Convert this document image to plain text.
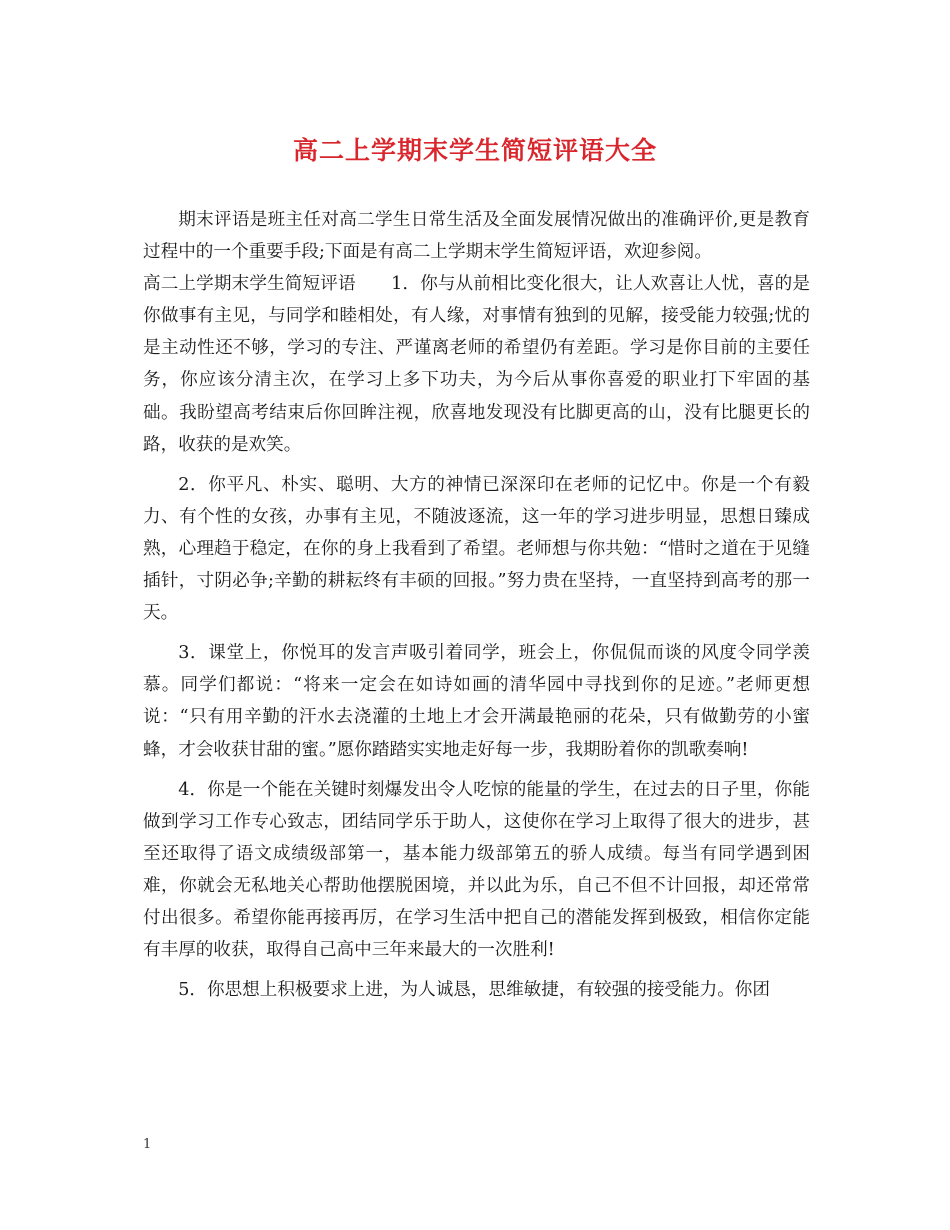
高二上学期末学生简短评语大全

期末评语是班主任对高二学生日常生活及全面发展情况做出的准确评价,更是教育过程中的一个重要手段;下面是有高二上学期末学生简短评语，欢迎参阅。

高二上学期末学生简短评语　　1．你与从前相比变化很大，让人欢喜让人忧，喜的是你做事有主见，与同学和睦相处，有人缘，对事情有独到的见解，接受能力较强;忧的是主动性还不够，学习的专注、严谨离老师的希望仍有差距。学习是你目前的主要任务，你应该分清主次，在学习上多下功夫，为今后从事你喜爱的职业打下牢固的基础。我盼望高考结束后你回眸注视，欣喜地发现没有比脚更高的山，没有比腿更长的路，收获的是欢笑。

2．你平凡、朴实、聪明、大方的神情已深深印在老师的记忆中。你是一个有毅力、有个性的女孩，办事有主见，不随波逐流，这一年的学习进步明显，思想日臻成熟，心理趋于稳定，在你的身上我看到了希望。老师想与你共勉：“惜时之道在于见缝插针，寸阴必争;辛勤的耕耘终有丰硕的回报。”努力贵在坚持，一直坚持到高考的那一天。

3．课堂上，你悦耳的发言声吸引着同学，班会上，你侃侃而谈的风度令同学羡慕。同学们都说：“将来一定会在如诗如画的清华园中寻找到你的足迹。”老师更想说：“只有用辛勤的汗水去浇灌的土地上才会开满最艳丽的花朵，只有做勤劳的小蜜蜂，才会收获甘甜的蜜。”愿你踏踏实实地走好每一步，我期盼着你的凯歌奏响!

4．你是一个能在关键时刻爆发出令人吃惊的能量的学生，在过去的日子里，你能做到学习工作专心致志，团结同学乐于助人，这使你在学习上取得了很大的进步，甚至还取得了语文成绩级部第一，基本能力级部第五的骄人成绩。每当有同学遇到困难，你就会无私地关心帮助他摆脱困境，并以此为乐，自己不但不计回报，却还常常付出很多。希望你能再接再厉，在学习生活中把自己的潜能发挥到极致，相信你定能有丰厚的收获，取得自己高中三年来最大的一次胜利!

5．你思想上积极要求上进，为人诚恳，思维敏捷，有较强的接受能力。你团

1
